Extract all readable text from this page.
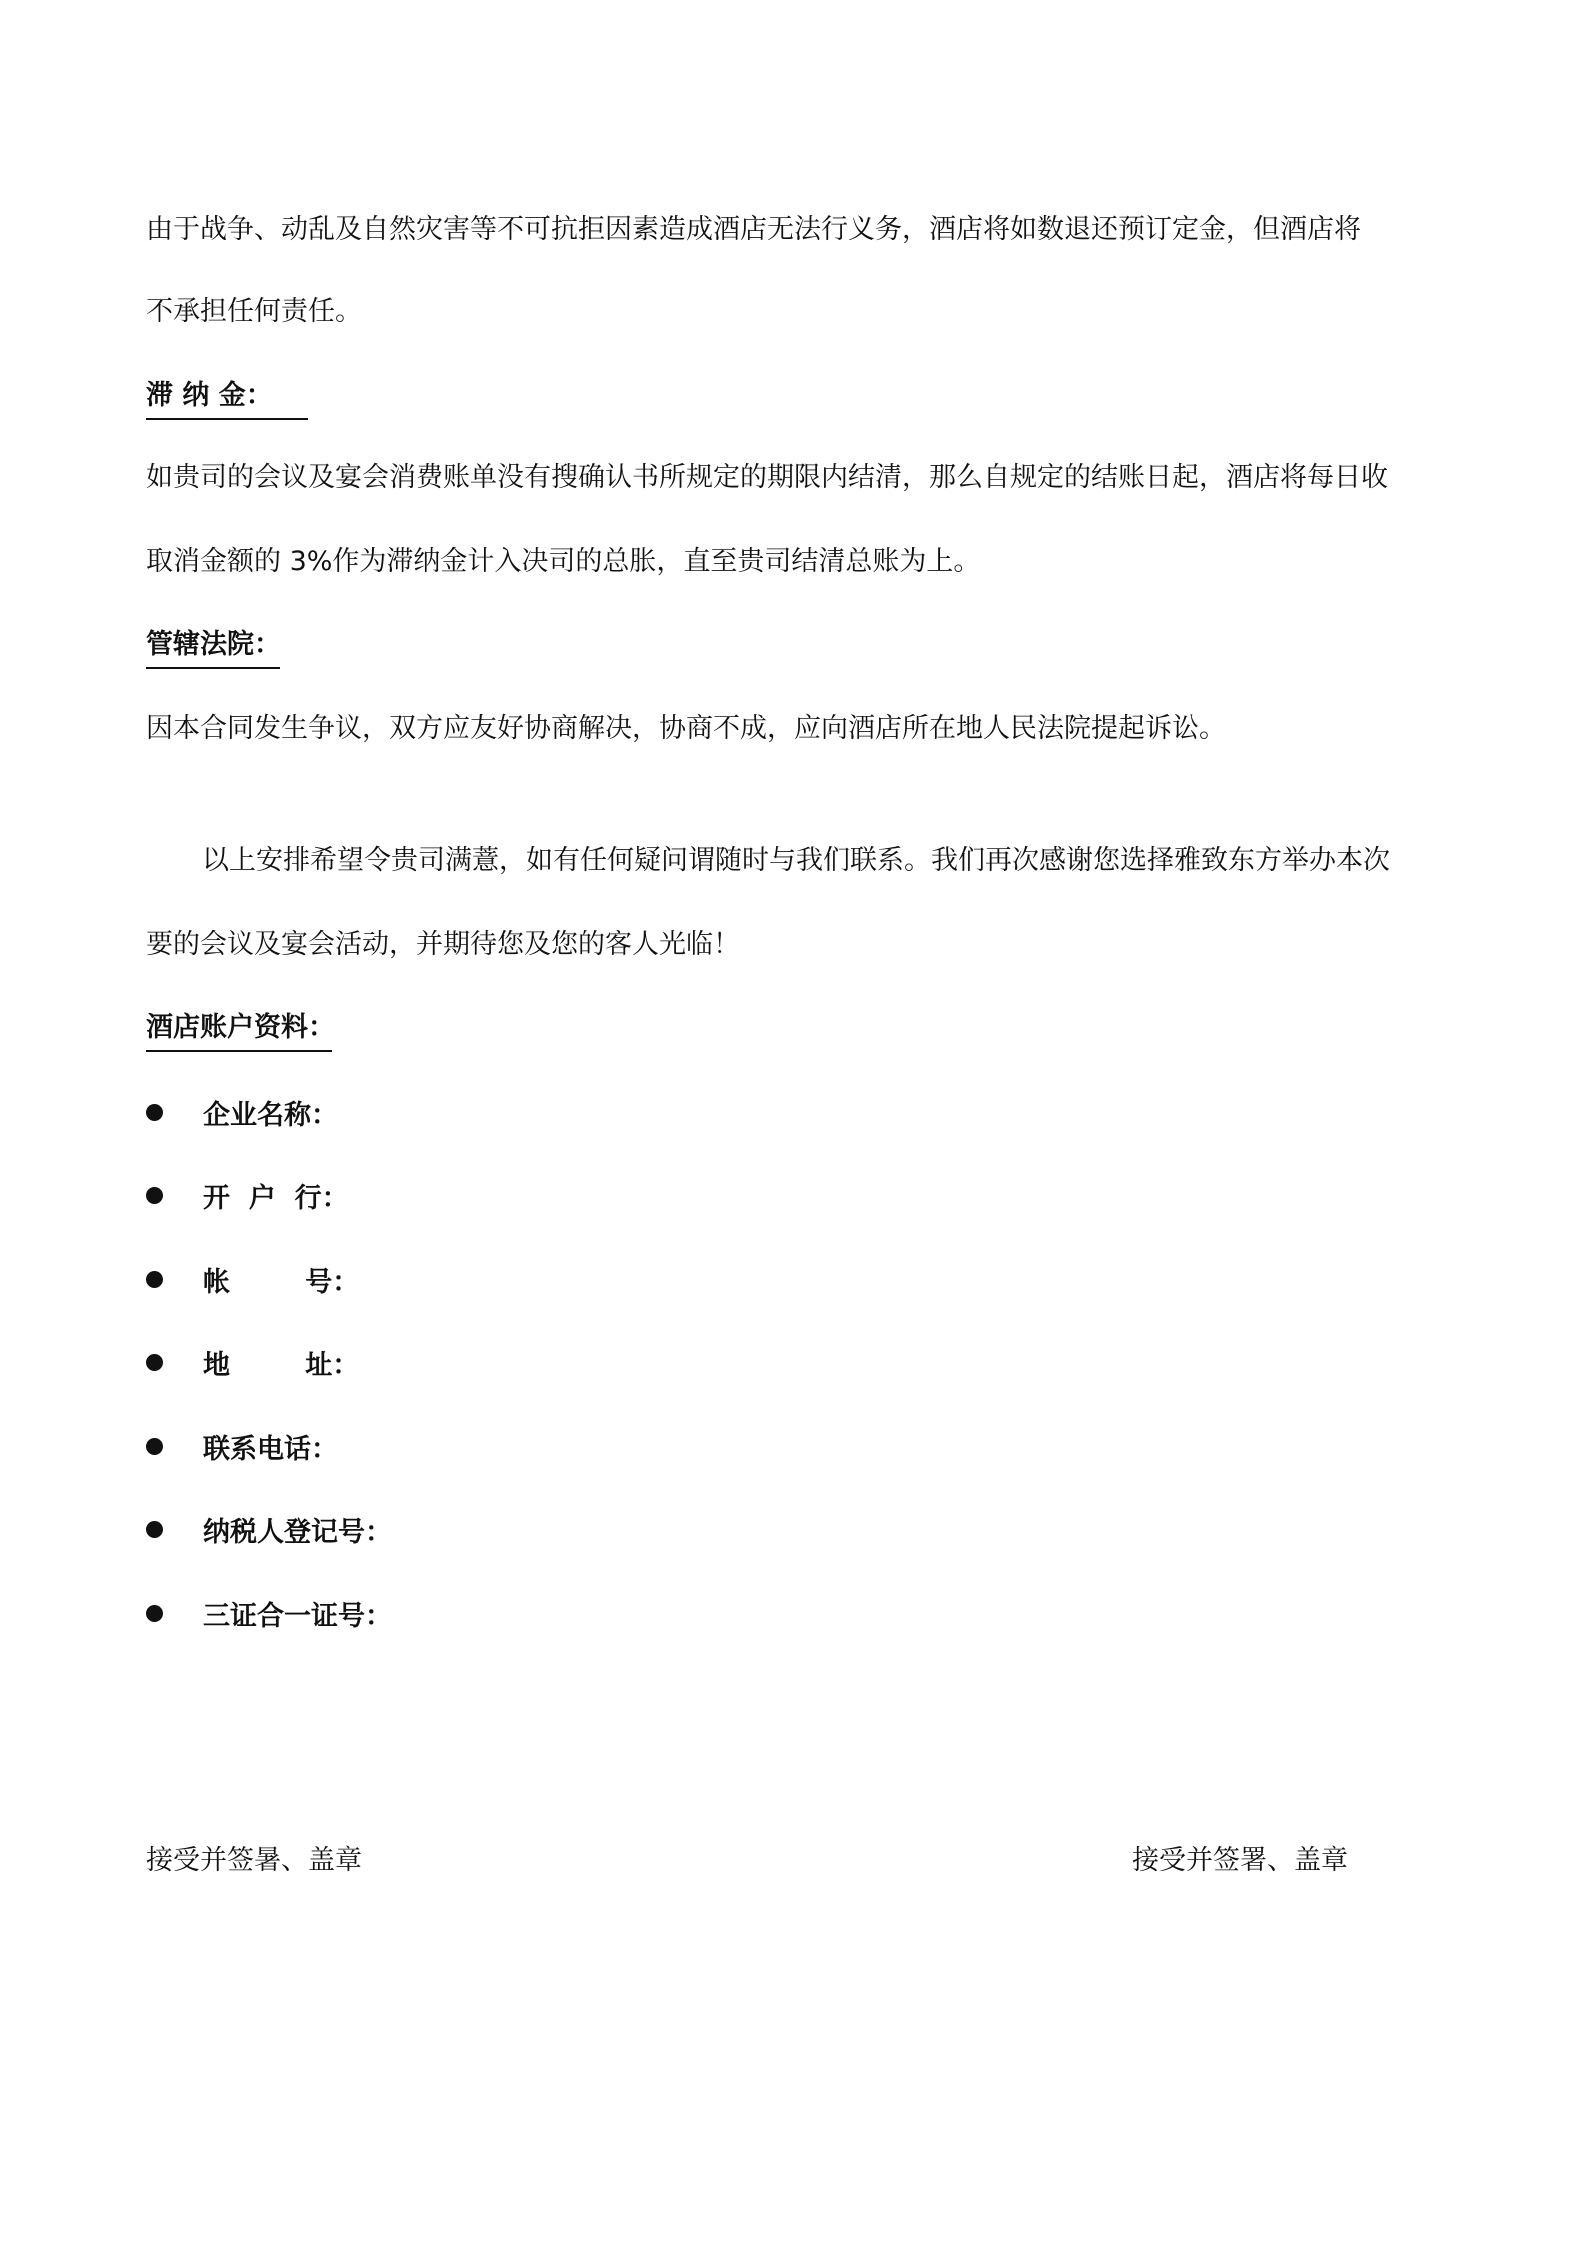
由于战争、动乱及自然灾害等不可抗拒因素造成酒店无法行义务，酒店将如数退还预订定金，但酒店将
不承担任何责任。
滞 纳 金：
如贵司的会议及宴会消费账单没有搜确认书所规定的期限内结清，那么自规定的结账日起，酒店将每日收
取消金额的 3%作为滞纳金计入决司的总胀，直至贵司结清总账为上。
管辖法院：
因本合同发生争议，双方应友好协商解决，协商不成，应向酒店所在地人民法院提起诉讼。
以上安排希望令贵司满薏，如有任何疑问谓随时与我们联系。我们再次感谢您选择雅致东方举办本次
要的会议及宴会活动，并期待您及您的客人光临！
酒店账户资料：
企业名称：
开  户  行：
帐        号：
地        址：
联系电话：
纳税人登记号：
三证合一证号：
接受并签暑、盖章	接受并签署、盖章
